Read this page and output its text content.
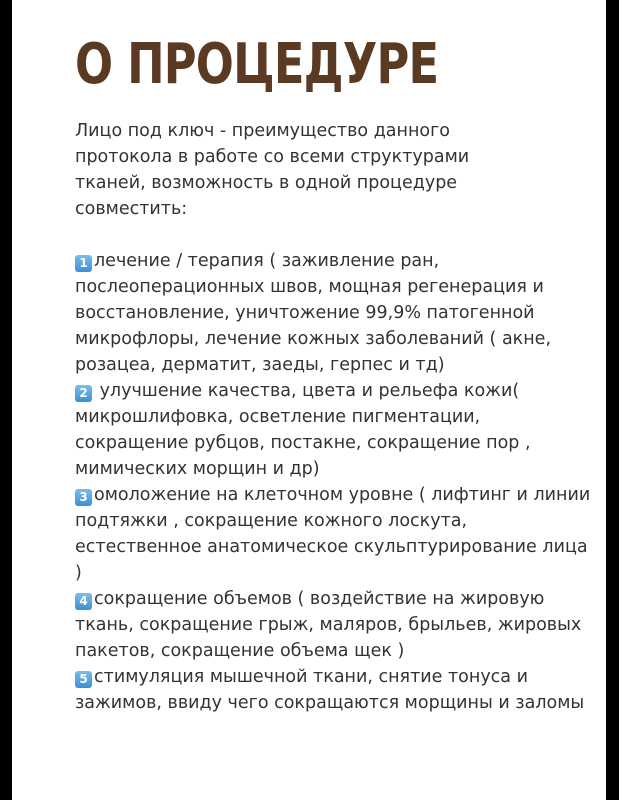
О ПРОЦЕДУРЕ

Лицо под ключ - преимущество данного протокола в работе со всеми структурами тканей, возможность в одной процедуре совместить:

1 лечение / терапия ( заживление ран, послеоперационных швов, мощная регенерация и восстановление, уничтожение 99,9% патогенной микрофлоры, лечение кожных заболеваний ( акне, розацеа, дерматит, заеды, герпес и тд)

2 улучшение качества, цвета и рельефа кожи( микрошлифовка, осветление пигментации, сокращение рубцов, постакне, сокращение пор , мимических морщин и др)

3 омоложение на клеточном уровне ( лифтинг и линии подтяжки , сокращение кожного лоскута, естественное анатомическое скульптурирование лица )

4 сокращение объемов ( воздействие на жировую ткань, сокращение грыж, маляров, брыльев, жировых пакетов, сокращение объема щек )

5 стимуляция мышечной ткани, снятие тонуса и зажимов, ввиду чего сокращаются морщины и заломы
